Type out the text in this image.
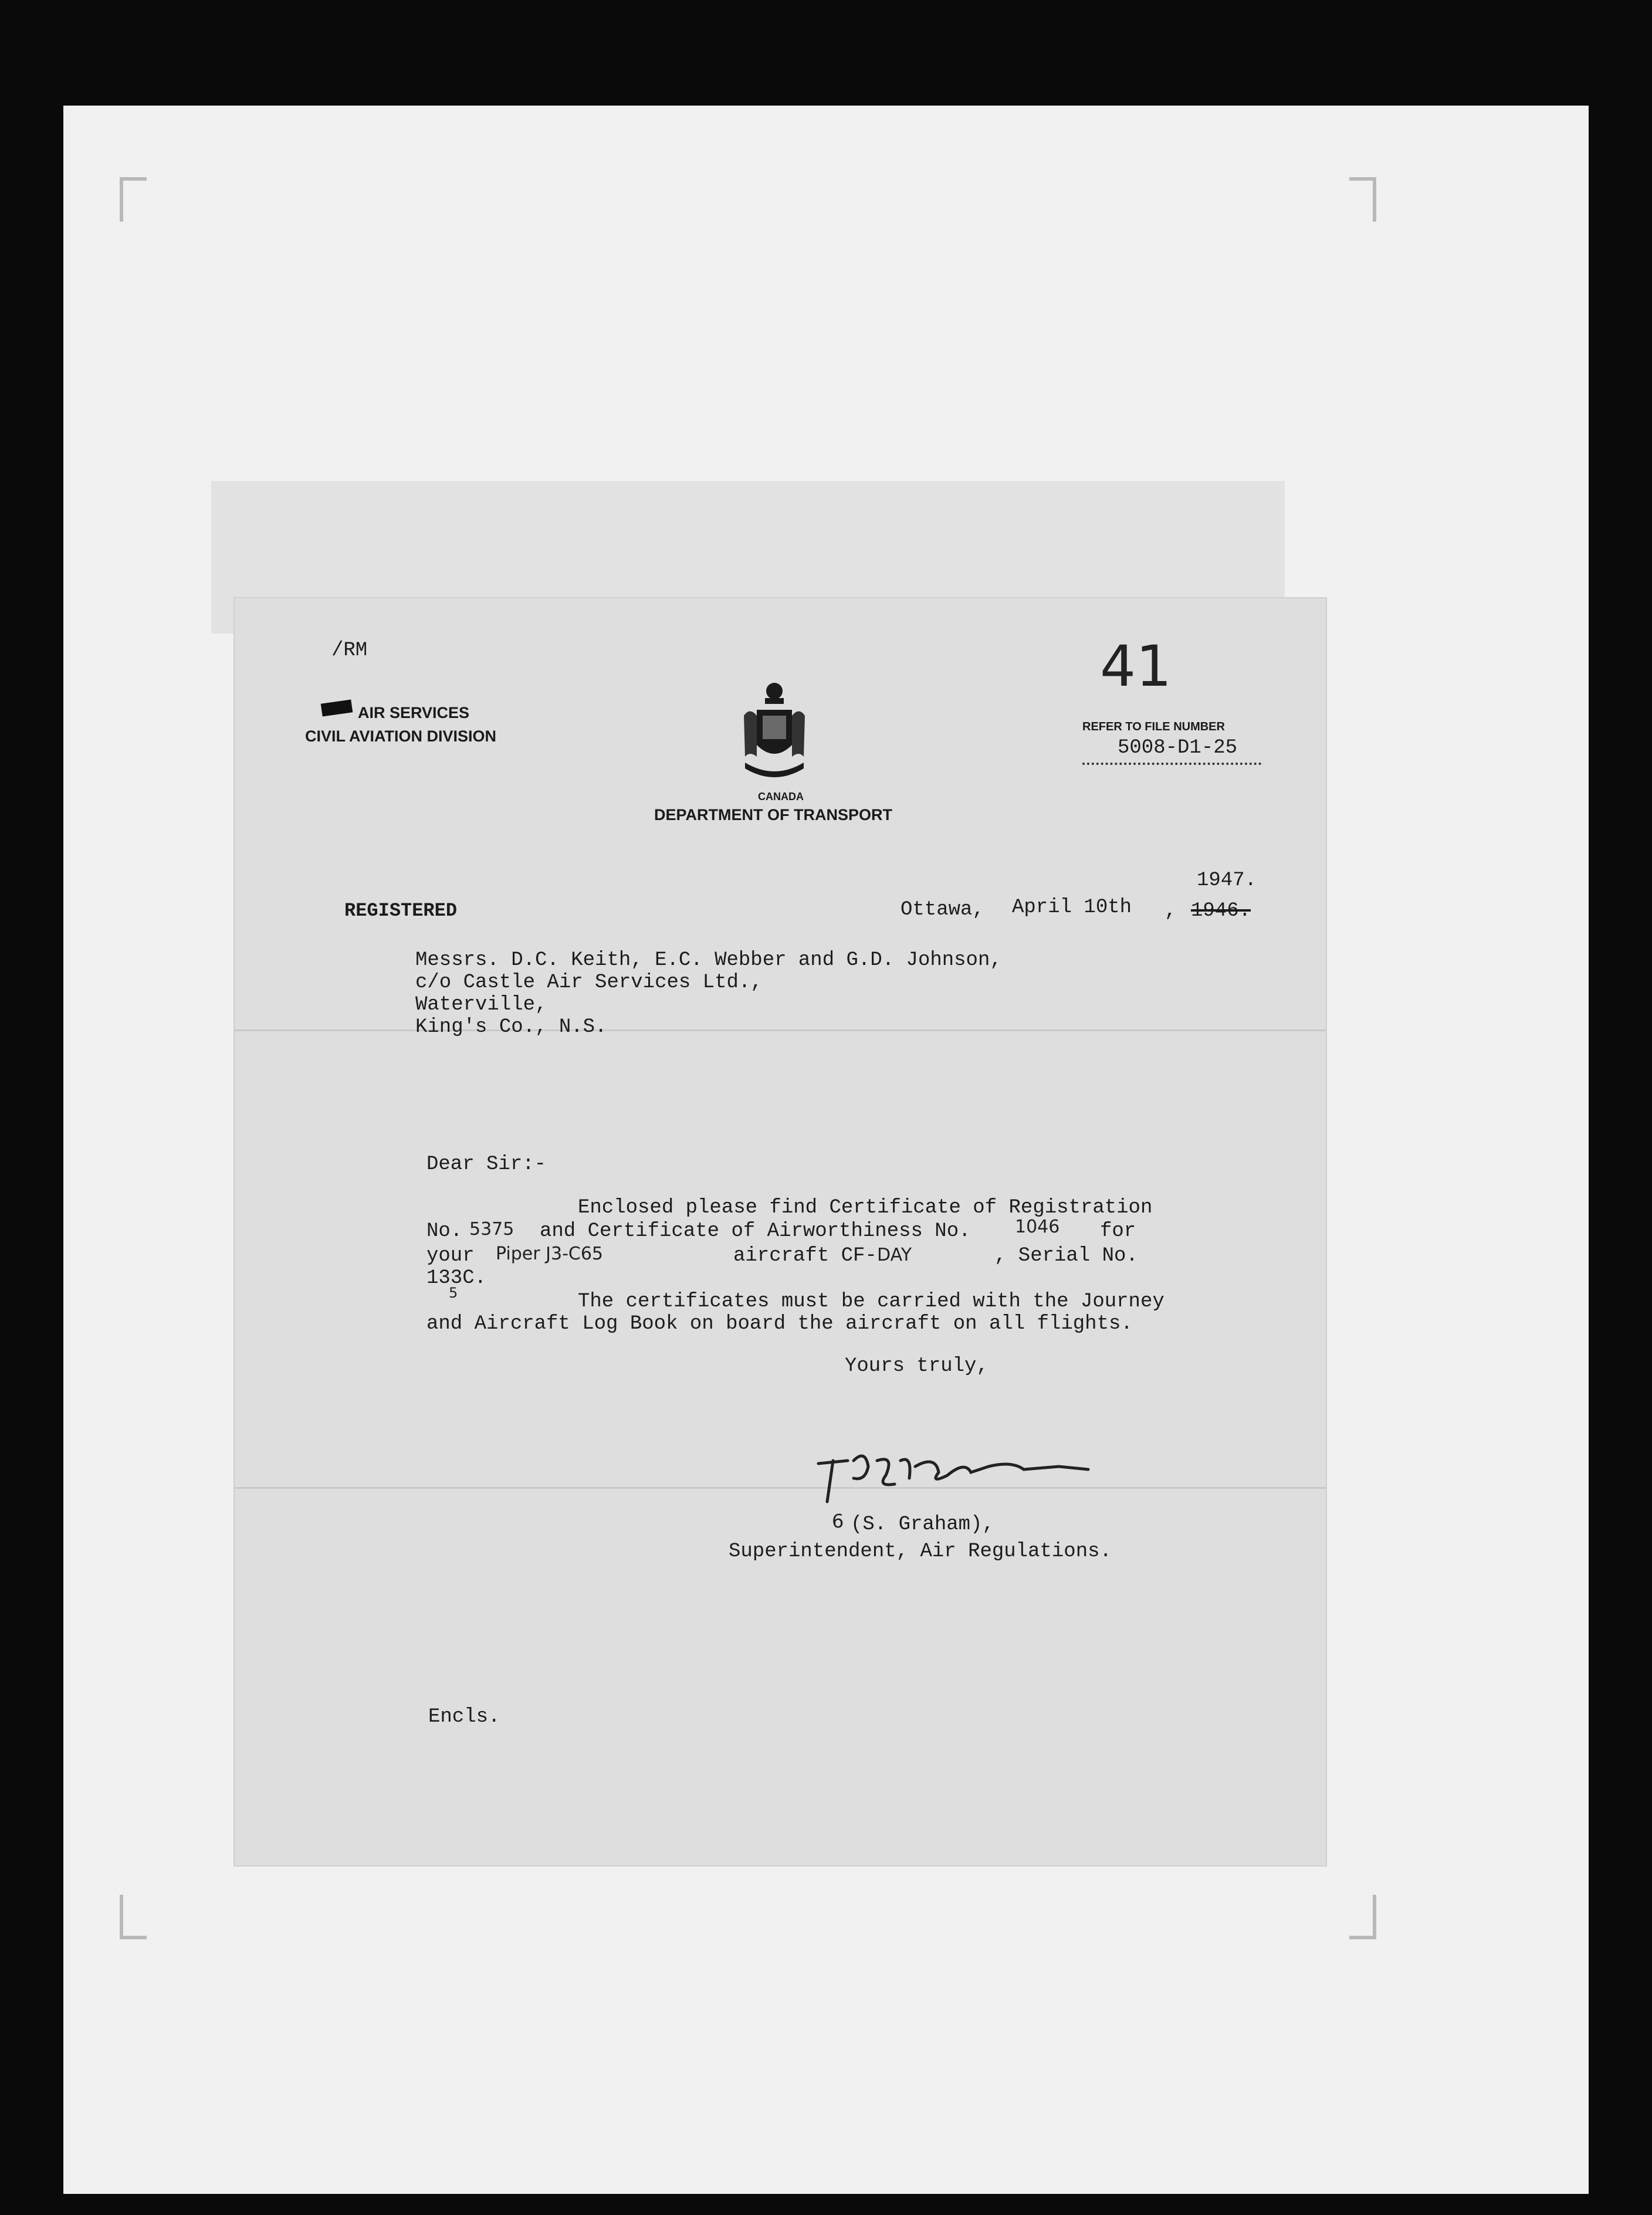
41
/RM
AIR SERVICES
CIVIL AVIATION DIVISION
CANADA
DEPARTMENT OF TRANSPORT
REFER TO FILE NUMBER
5008-D1-25
REGISTERED	Ottawa, April 10th
1947.
, 1946.
Messrs. D.C. Keith, E.C. Webber and G.D. Johnson,
c/o Castle Air Services Ltd.,
Waterville,
King's Co., N.S.
Dear Sir:-
Enclosed please find Certificate of Registration
No. 5375 and Certificate of Airworthiness No.	1046 for
your Piper J3-C65	aircraft CF- DAY	, Serial No.
133C.
5	The certificates must be carried with the Journey
and Aircraft Log Book on board the aircraft on all flights.
Yours truly,
6 (S. Graham),
Superintendent, Air Regulations.
Encls.
